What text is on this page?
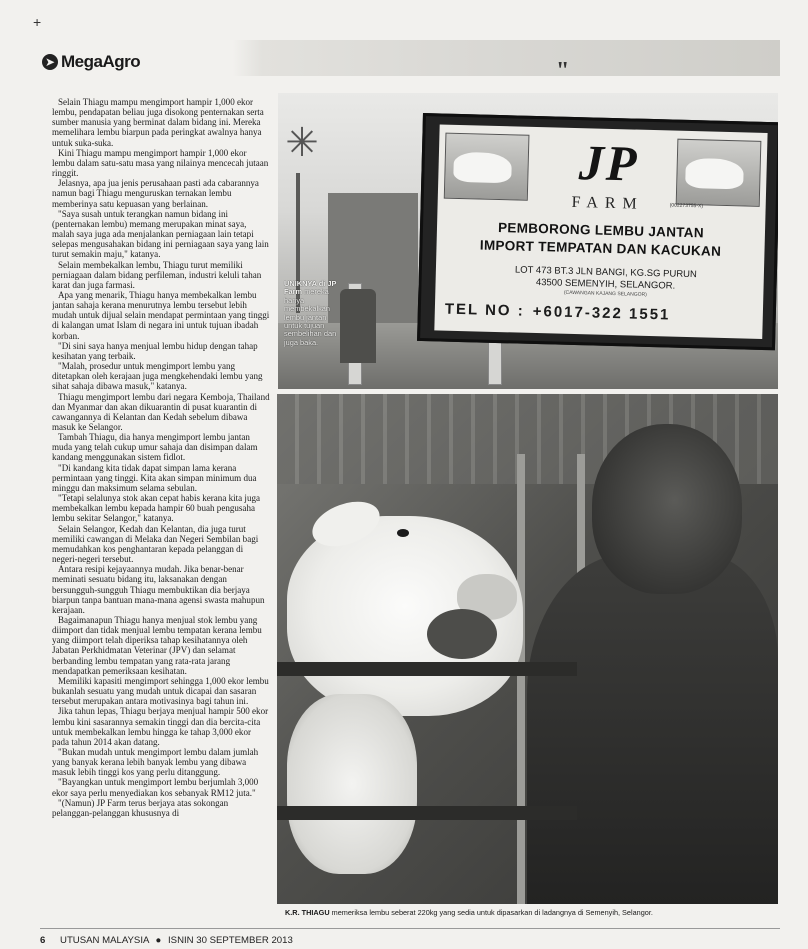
+
➤ MegaAgro	"

Selain Thiagu mampu mengimport hampir 1,000 ekor lembu, pendapatan beliau juga disokong penternakan serta sumber manusia yang berminat dalam bidang ini. Mereka memelihara lembu biarpun pada peringkat awalnya hanya untuk suka-suka.

Kini Thiagu mampu mengimport hampir 1,000 ekor lembu dalam satu-satu masa yang nilainya mencecah jutaan ringgit.

Jelasnya, apa jua jenis perusahaan pasti ada cabarannya namun bagi Thiagu menguruskan ternakan lembu memberinya satu kepuasan yang berlainan.

"Saya susah untuk terangkan namun bidang ini (penternakan lembu) memang merupakan minat saya, malah saya juga ada menjalankan perniagaan lain tetapi selepas mengusahakan bidang ini perniagaan saya yang lain turut semakin maju," katanya.

Selain membekalkan lembu, Thiagu turut memiliki perniagaan dalam bidang perfileman, industri keluli tahan karat dan juga farmasi.

Apa yang menarik, Thiagu hanya membekalkan lembu jantan sahaja kerana menurutnya lembu tersebut lebih mudah untuk dijual selain mendapat permintaan yang tinggi di kalangan umat Islam di negara ini untuk tujuan ibadah korban.

"Di sini saya hanya menjual lembu hidup dengan tahap kesihatan yang terbaik.

"Malah, prosedur untuk mengimport lembu yang ditetapkan oleh kerajaan juga mengkehendaki lembu yang sihat sahaja dibawa masuk," katanya.

Thiagu mengimport lembu dari negara Kemboja, Thailand dan Myanmar dan akan dikuarantin di pusat kuarantin di cawangannya di Kelantan dan Kedah sebelum dibawa masuk ke Selangor.

Tambah Thiagu, dia hanya mengimport lembu jantan muda yang telah cukup umur sahaja dan disimpan dalam kandang menggunakan sistem fidlot.

"Di kandang kita tidak dapat simpan lama kerana permintaan yang tinggi. Kita akan simpan minimum dua minggu dan maksimum selama sebulan.

"Tetapi selalunya stok akan cepat habis kerana kita juga membekalkan lembu kepada hampir 60 buah pengusaha lembu sekitar Selangor," katanya.

Selain Selangor, Kedah dan Kelantan, dia juga turut memiliki cawangan di Melaka dan Negeri Sembilan bagi memudahkan kos penghantaran kepada pelanggan di negeri-negeri tersebut.

Antara resipi kejayaannya mudah. Jika benar-benar meminati sesuatu bidang itu, laksanakan dengan bersungguh-sungguh Thiagu membuktikan dia berjaya biarpun tanpa bantuan mana-mana agensi swasta mahupun kerajaan.

Bagaimanapun Thiagu hanya menjual stok lembu yang diimport dan tidak menjual lembu tempatan kerana lembu yang diimport telah diperiksa tahap kesihatannya oleh Jabatan Perkhidmatan Veterinar (JPV) dan selamat berbanding lembu tempatan yang rata-rata jarang mendapatkan pemeriksaan kesihatan.

Memiliki kapasiti mengimport sehingga 1,000 ekor lembu bukanlah sesuatu yang mudah untuk dicapai dan sasaran tersebut merupakan antara motivasinya bagi tahun ini.

Jika tahun lepas, Thiagu berjaya menjual hampir 500 ekor lembu kini sasarannya semakin tinggi dan dia bercita-cita untuk membekalkan lembu hingga ke tahap 3,000 ekor pada tahun 2014 akan datang.

"Bukan mudah untuk mengimport lembu dalam jumlah yang banyak kerana lebih banyak lembu yang dibawa masuk lebih tinggi kos yang perlu ditanggung.

"Bayangkan untuk mengimport lembu berjumlah 3,000 ekor saya perlu menyediakan kos sebanyak RM12 juta."

"(Namun) JP Farm terus berjaya atas sokongan pelanggan-pelanggan khususnya di

✳	JP
FARM	(002273755-X)
PEMBORONG LEMBU JANTAN
IMPORT TEMPATAN DAN KACUKAN
LOT 473 BT.3 JLN BANGI, KG.SG PURUN
43500 SEMENYIH, SELANGOR.
(CAWANGAN KAJANG SELANGOR)
TEL NO : +6017-322 1551
UNIKNYA di JP Farm mereka hanya membekalkan lembu jantan untuk tujuan sembelihan dan juga baka.
K.R. THIAGU memeriksa lembu seberat 220kg yang sedia untuk dipasarkan di ladangnya di Semenyih, Selangor.
6 UTUSAN MALAYSIA ● ISNIN 30 SEPTEMBER 2013
